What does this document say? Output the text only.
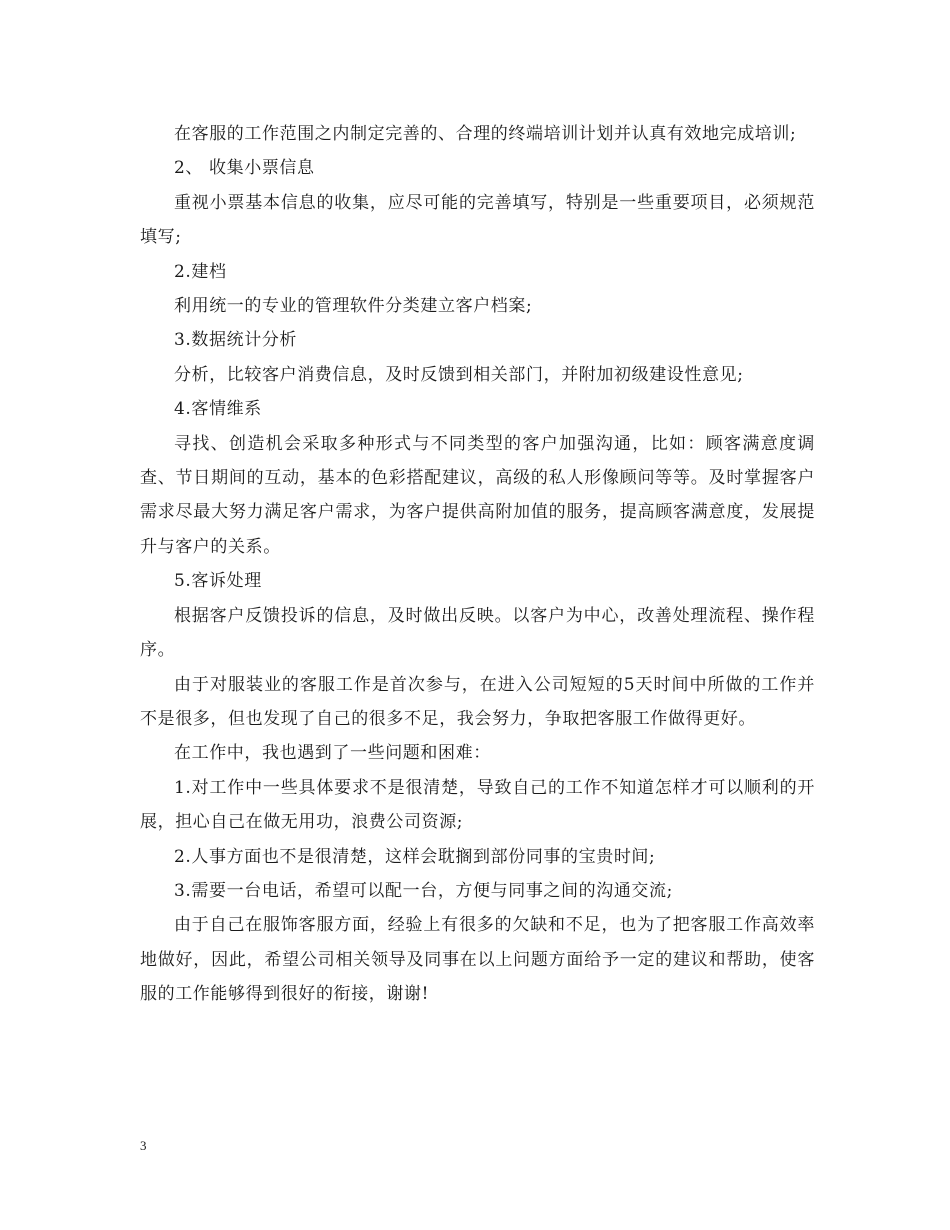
在客服的工作范围之内制定完善的、合理的终端培训计划并认真有效地完成培训;

2、 收集小票信息

重视小票基本信息的收集，应尽可能的完善填写，特别是一些重要项目，必须规范填写;

2.建档

利用统一的专业的管理软件分类建立客户档案;

3.数据统计分析

分析，比较客户消费信息，及时反馈到相关部门，并附加初级建设性意见;

4.客情维系

寻找、创造机会采取多种形式与不同类型的客户加强沟通，比如：顾客满意度调查、节日期间的互动，基本的色彩搭配建议，高级的私人形像顾问等等。及时掌握客户需求尽最大努力满足客户需求，为客户提供高附加值的服务，提高顾客满意度，发展提升与客户的关系。

5.客诉处理

根据客户反馈投诉的信息，及时做出反映。以客户为中心，改善处理流程、操作程序。

由于对服装业的客服工作是首次参与，在进入公司短短的5天时间中所做的工作并不是很多，但也发现了自己的很多不足，我会努力，争取把客服工作做得更好。

在工作中，我也遇到了一些问题和困难：

1.对工作中一些具体要求不是很清楚，导致自己的工作不知道怎样才可以顺利的开展，担心自己在做无用功，浪费公司资源;

2.人事方面也不是很清楚，这样会耽搁到部份同事的宝贵时间;

3.需要一台电话，希望可以配一台，方便与同事之间的沟通交流;

由于自己在服饰客服方面，经验上有很多的欠缺和不足，也为了把客服工作高效率地做好，因此，希望公司相关领导及同事在以上问题方面给予一定的建议和帮助，使客服的工作能够得到很好的衔接，谢谢!

3
